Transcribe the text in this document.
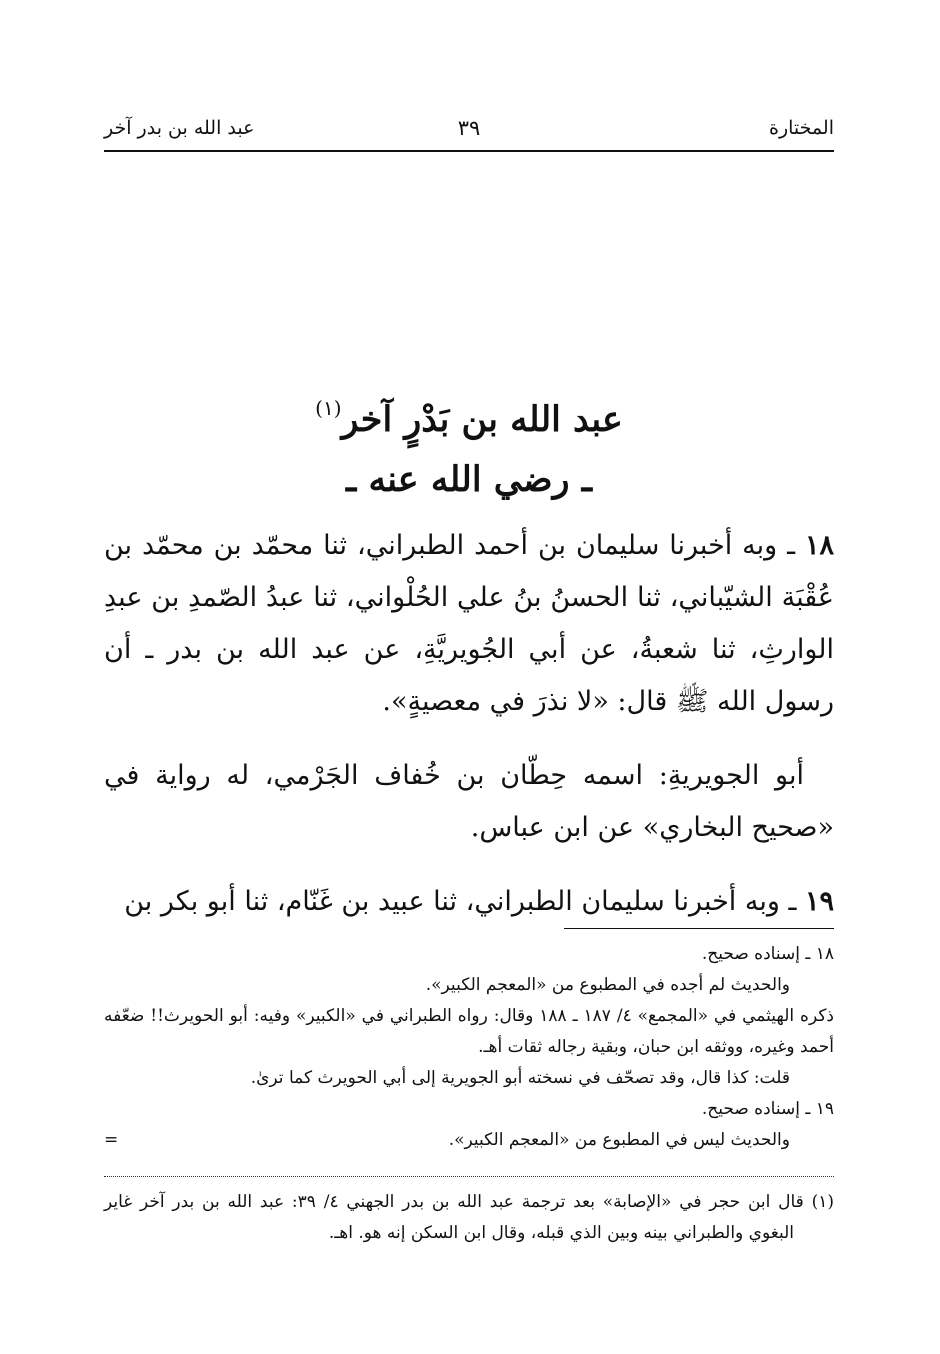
المختارة
٣٩
عبد الله بن بدر آخر
عبد الله بن بَدْرٍ آخر$^{(١)}$
ـ رضي الله عنه ـ

١٨ ـ وبه أخبرنا سليمان بن أحمد الطبراني، ثنا محمّد بن محمّد بن عُقْبَة الشيّباني، ثنا الحسنُ بنُ علي الحُلْواني، ثنا عبدُ الصّمدِ بن عبدِ الوارثِ، ثنا شعبةُ، عن أبي الجُويريَّةِ، عن عبد الله بن بدر ـ أن رسول الله ﷺ قال: «لا نذرَ في معصيةٍ».

أبو الجويريةِ: اسمه حِطّان بن خُفاف الجَرْمي، له رواية في «صحيح البخاري» عن ابن عباس.

١٩ ـ وبه أخبرنا سليمان الطبراني، ثنا عبيد بن غَنّام، ثنا أبو بكر بن

١٨ ـ إسناده صحيح.

والحديث لم أجده في المطبوع من «المعجم الكبير».

ذكره الهيثمي في «المجمع» ٤/ ١٨٧ ـ ١٨٨ وقال: رواه الطبراني في «الكبير» وفيه: أبو الحويرث!! ضعّفه أحمد وغيره، ووثقه ابن حبان، وبقية رجاله ثقات أهـ.

قلت: كذا قال، وقد تصحّف في نسخته أبو الجويرية إلى أبي الحويرث كما ترىٰ.

١٩ ـ إسناده صحيح.

والحديث ليس في المطبوع من «المعجم الكبير».
=

(١) قال ابن حجر في «الإصابة» بعد ترجمة عبد الله بن بدر الجهني ٤/ ٣٩: عبد الله بن بدر آخر غاير البغوي والطبراني بينه وبين الذي قبله، وقال ابن السكن إنه هو. اهـ.
